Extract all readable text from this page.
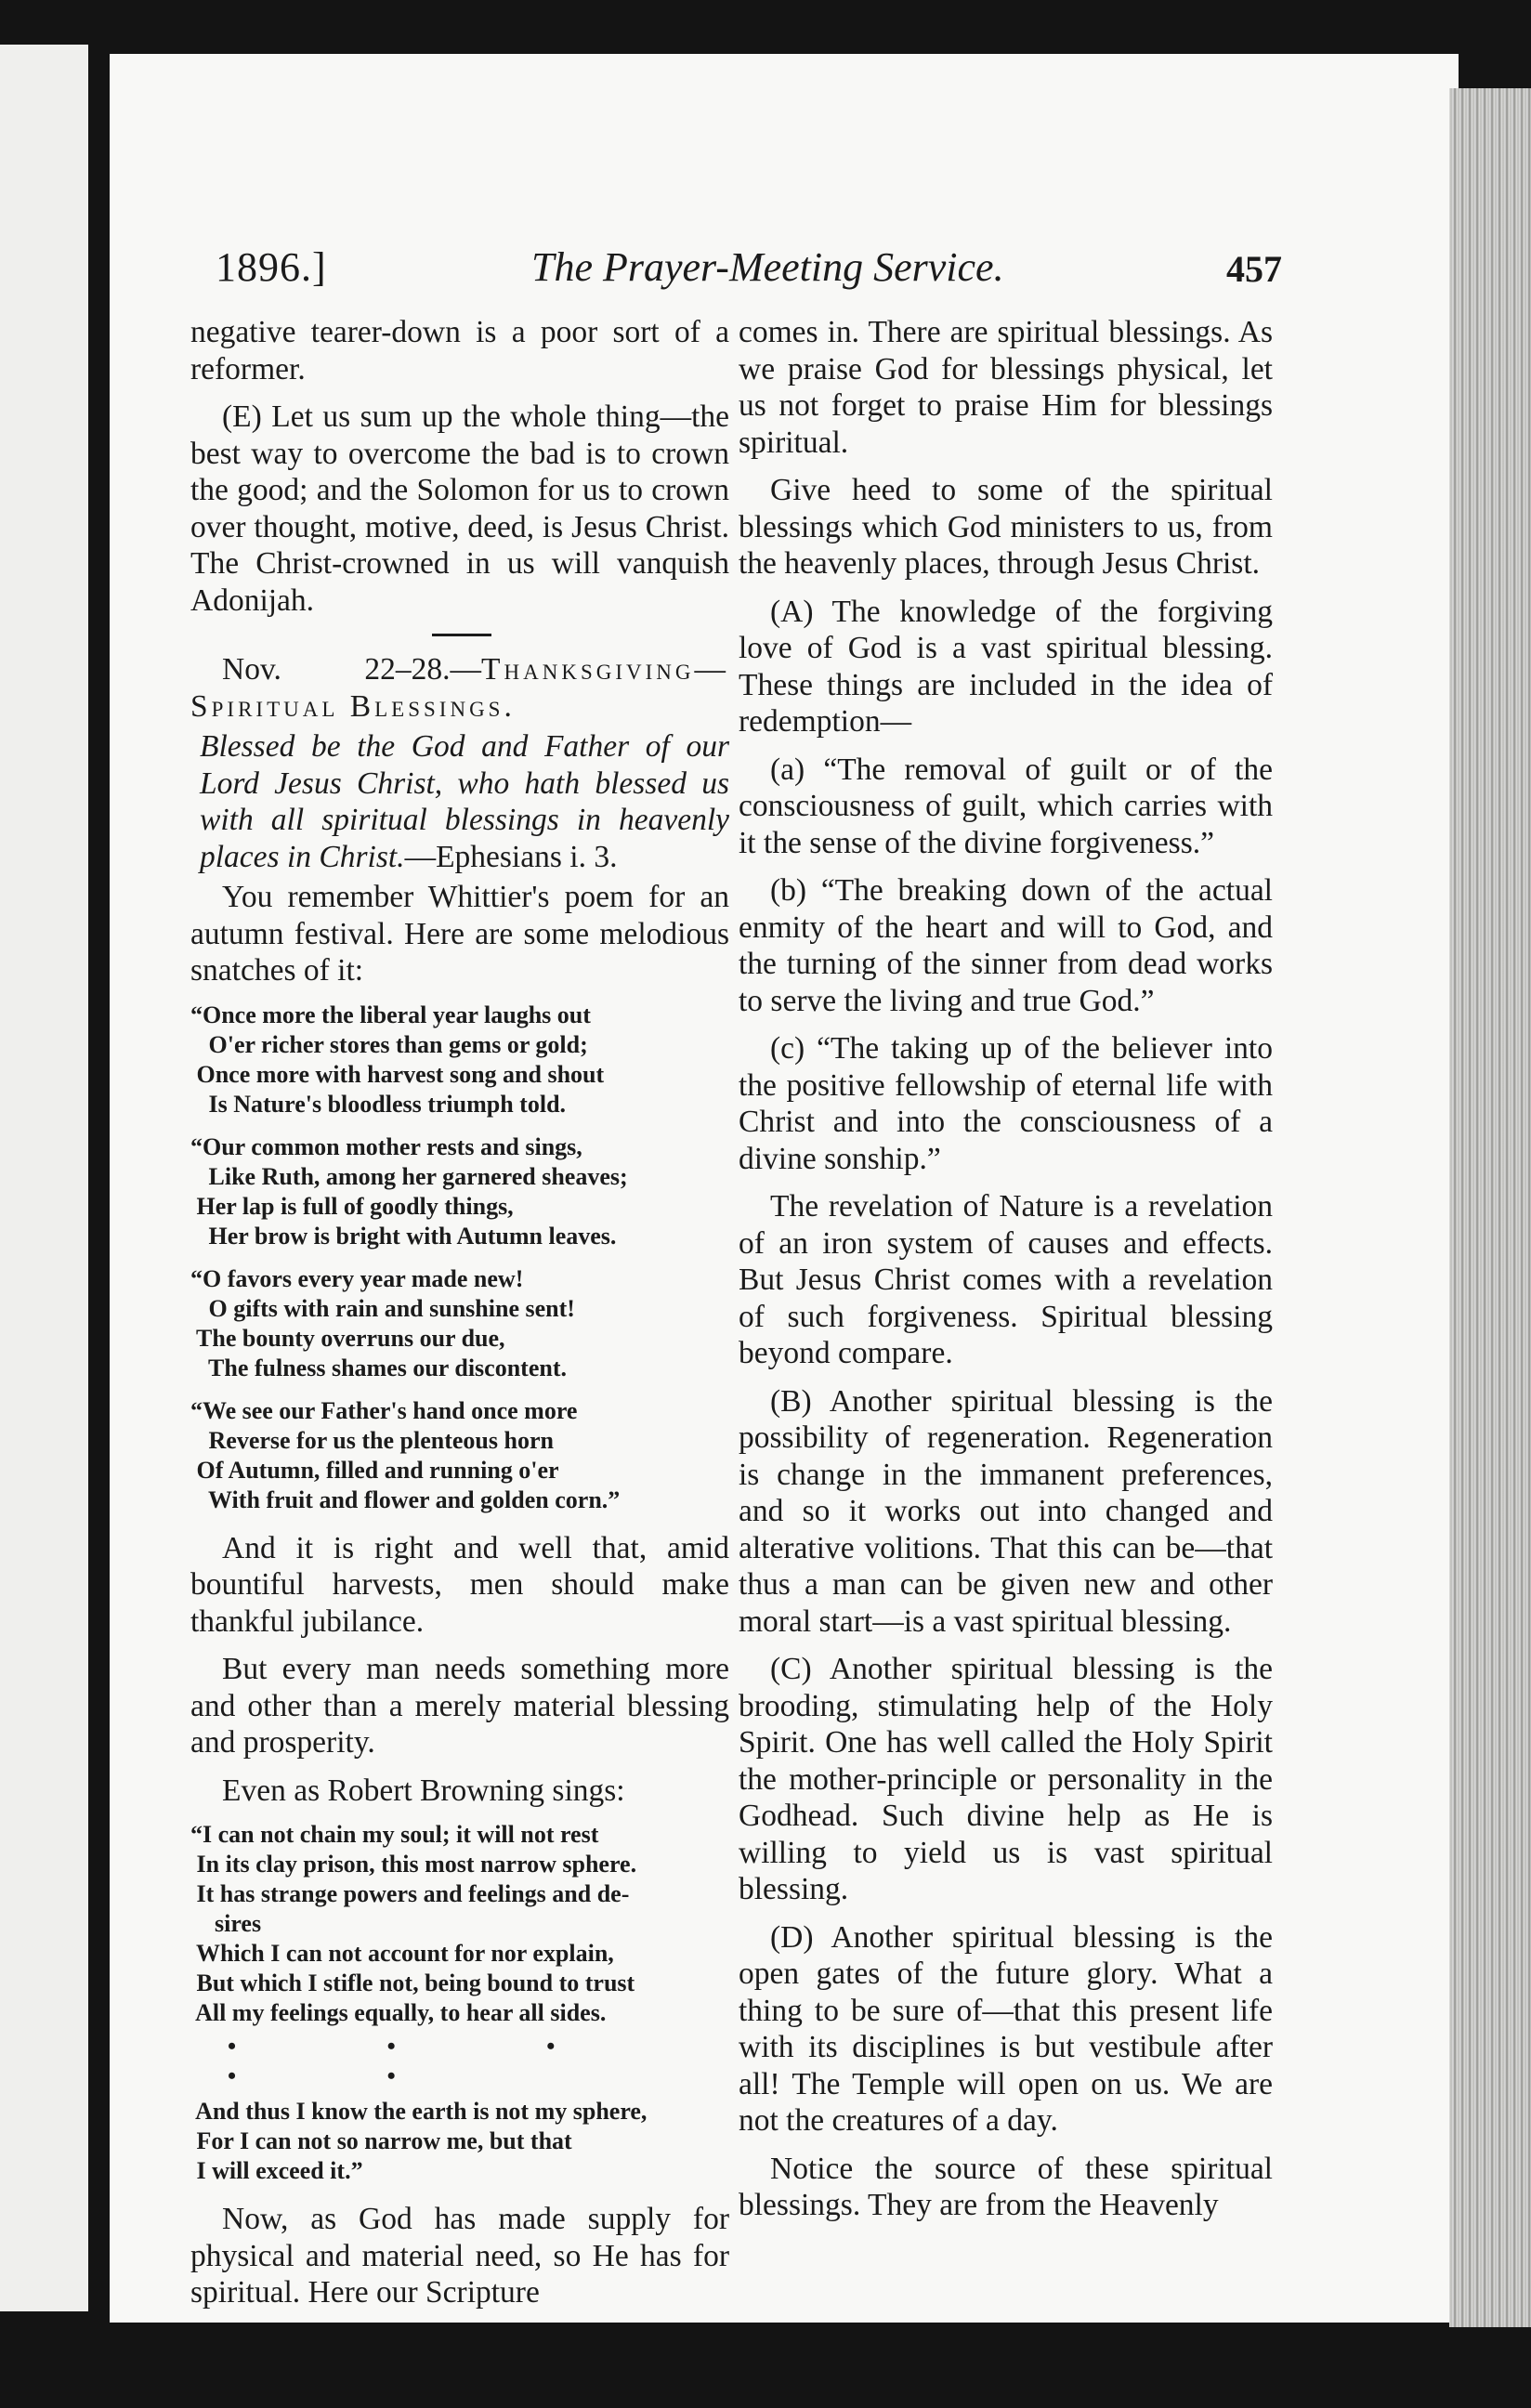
1896.]	The Prayer-Meeting Service.	457

negative tearer-down is a poor sort of a reformer.

(E) Let us sum up the whole thing—the best way to overcome the bad is to crown the good; and the Solomon for us to crown over thought, motive, deed, is Jesus Christ. The Christ-crowned in us will vanquish Adonijah.

Nov. 22–28.—Thanksgiving—Spiritual Blessings.

Blessed be the God and Father of our Lord Jesus Christ, who hath blessed us with all spiritual blessings in heavenly places in Christ.—Ephesians i. 3.

You remember Whittier's poem for an autumn festival. Here are some melodious snatches of it:

“Once more the liberal year laughs out
O'er richer stores than gems or gold;
Once more with harvest song and shout
Is Nature's bloodless triumph told.
“Our common mother rests and sings,
Like Ruth, among her garnered sheaves;
Her lap is full of goodly things,
Her brow is bright with Autumn leaves.
“O favors every year made new!
O gifts with rain and sunshine sent!
The bounty overruns our due,
The fulness shames our discontent.
“We see our Father's hand once more
Reverse for us the plenteous horn
Of Autumn, filled and running o'er
With fruit and flower and golden corn.”

And it is right and well that, amid bountiful harvests, men should make thankful jubilance.

But every man needs something more and other than a merely material blessing and prosperity.

Even as Robert Browning sings:

“I can not chain my soul; it will not rest
In its clay prison, this most narrow sphere.
It has strange powers and feelings and de-
sires
Which I can not account for nor explain,
But which I stifle not, being bound to trust
All my feelings equally, to hear all sides.
• • • • •
And thus I know the earth is not my sphere,
For I can not so narrow me, but that
I will exceed it.”

Now, as God has made supply for physical and material need, so He has for spiritual. Here our Scripture

comes in. There are spiritual blessings. As we praise God for blessings physical, let us not forget to praise Him for blessings spiritual.

Give heed to some of the spiritual blessings which God ministers to us, from the heavenly places, through Jesus Christ.

(A) The knowledge of the forgiving love of God is a vast spiritual blessing. These things are included in the idea of redemption—

(a) “The removal of guilt or of the consciousness of guilt, which carries with it the sense of the divine forgiveness.”

(b) “The breaking down of the actual enmity of the heart and will to God, and the turning of the sinner from dead works to serve the living and true God.”

(c) “The taking up of the believer into the positive fellowship of eternal life with Christ and into the consciousness of a divine sonship.”

The revelation of Nature is a revelation of an iron system of causes and effects. But Jesus Christ comes with a revelation of such forgiveness. Spiritual blessing beyond compare.

(B) Another spiritual blessing is the possibility of regeneration. Regeneration is change in the immanent preferences, and so it works out into changed and alterative volitions. That this can be—that thus a man can be given new and other moral start—is a vast spiritual blessing.

(C) Another spiritual blessing is the brooding, stimulating help of the Holy Spirit. One has well called the Holy Spirit the mother-principle or personality in the Godhead. Such divine help as He is willing to yield us is vast spiritual blessing.

(D) Another spiritual blessing is the open gates of the future glory. What a thing to be sure of—that this present life with its disciplines is but vestibule after all! The Temple will open on us. We are not the creatures of a day.

Notice the source of these spiritual blessings. They are from the Heavenly
